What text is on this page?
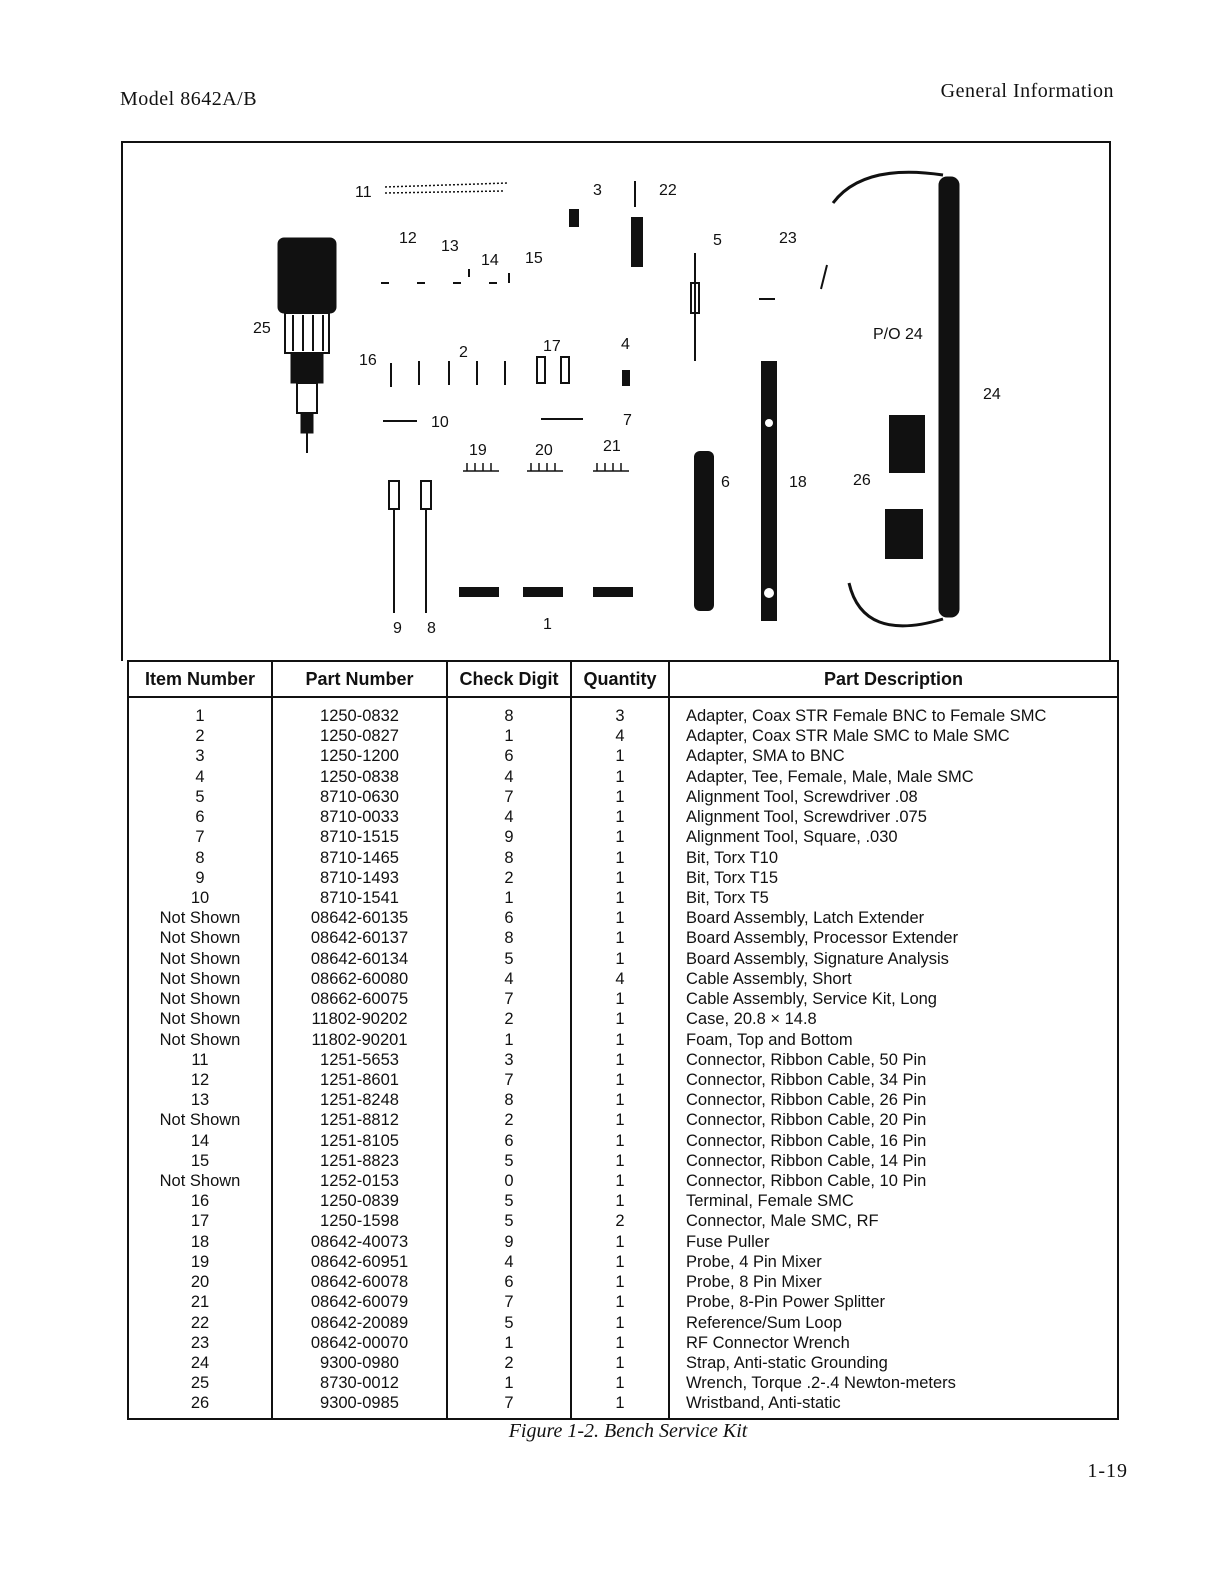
Model 8642A/B	General Information
11	3	22
12 13
14 15
5	23
25	P/O 24
24
16	2	17	4
10	7
19	20	21
6	18	26
9 8	1
Item Number	Part Number	Check Digit	Quantity	Part Description
1	1250-0832	8	3	Adapter, Coax STR Female BNC to Female SMC
2	1250-0827	1	4	Adapter, Coax STR Male SMC to Male SMC
3	1250-1200	6	1	Adapter, SMA to BNC
4	1250-0838	4	1	Adapter, Tee, Female, Male, Male SMC
5	8710-0630	7	1	Alignment Tool, Screwdriver .08
6	8710-0033	4	1	Alignment Tool, Screwdriver .075
7	8710-1515	9	1	Alignment Tool, Square, .030
8	8710-1465	8	1	Bit, Torx T10
9	8710-1493	2	1	Bit, Torx T15
10	8710-1541	1	1	Bit, Torx T5
Not Shown	08642-60135	6	1	Board Assembly, Latch Extender
Not Shown	08642-60137	8	1	Board Assembly, Processor Extender
Not Shown	08642-60134	5	1	Board Assembly, Signature Analysis
Not Shown	08662-60080	4	4	Cable Assembly, Short
Not Shown	08662-60075	7	1	Cable Assembly, Service Kit, Long
Not Shown	11802-90202	2	1	Case, 20.8 × 14.8
Not Shown	11802-90201	1	1	Foam, Top and Bottom
11	1251-5653	3	1	Connector, Ribbon Cable, 50 Pin
12	1251-8601	7	1	Connector, Ribbon Cable, 34 Pin
13	1251-8248	8	1	Connector, Ribbon Cable, 26 Pin
Not Shown	1251-8812	2	1	Connector, Ribbon Cable, 20 Pin
14	1251-8105	6	1	Connector, Ribbon Cable, 16 Pin
15	1251-8823	5	1	Connector, Ribbon Cable, 14 Pin
Not Shown	1252-0153	0	1	Connector, Ribbon Cable, 10 Pin
16	1250-0839	5	1	Terminal, Female SMC
17	1250-1598	5	2	Connector, Male SMC, RF
18	08642-40073	9	1	Fuse Puller
19	08642-60951	4	1	Probe, 4 Pin Mixer
20	08642-60078	6	1	Probe, 8 Pin Mixer
21	08642-60079	7	1	Probe, 8-Pin Power Splitter
22	08642-20089	5	1	Reference/Sum Loop
23	08642-00070	1	1	RF Connector Wrench
24	9300-0980	2	1	Strap, Anti-static Grounding
25	8730-0012	1	1	Wrench, Torque .2-.4 Newton-meters
26	9300-0985	7	1	Wristband, Anti-static
Figure 1-2. Bench Service Kit
1-19
